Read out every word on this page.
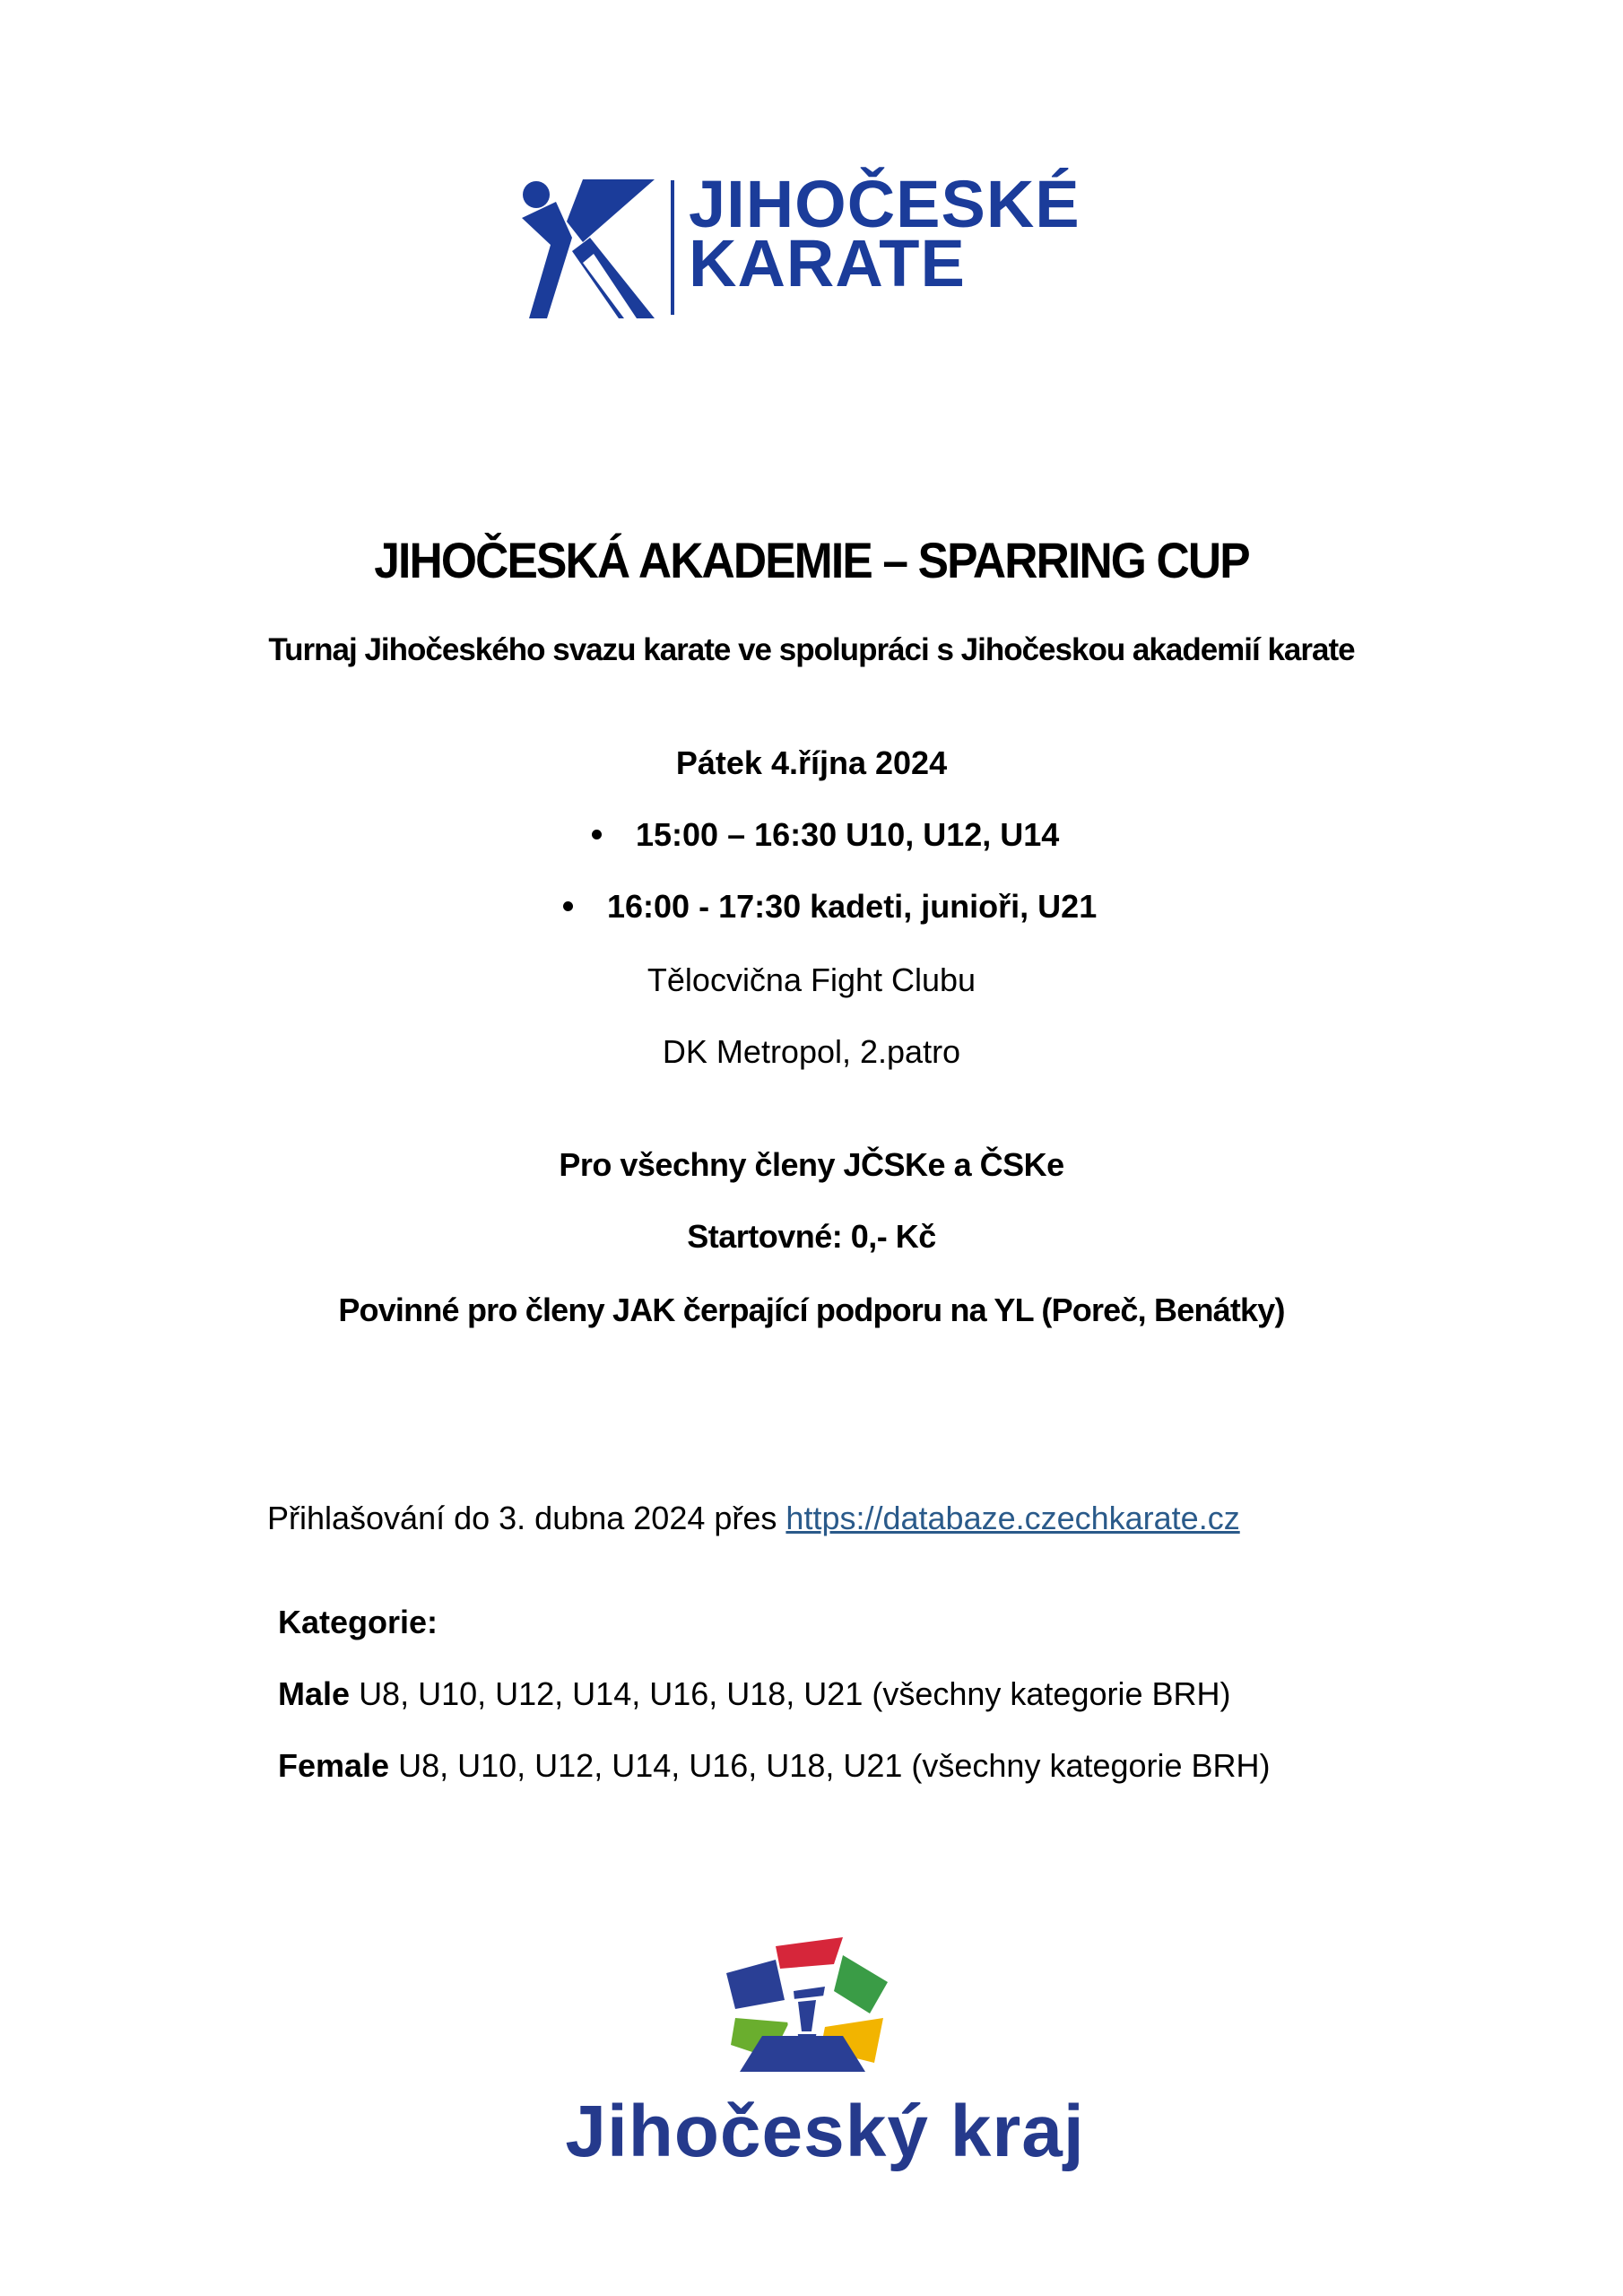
JIHOČESKÉ
KARATE
JIHOČESKÁ AKADEMIE – SPARRING CUP
Turnaj Jihočeského svazu karate ve spolupráci s Jihočeskou akademií karate
Pátek 4.října 2024
15:00 – 16:30 U10, U12, U14
16:00 - 17:30 kadeti, junioři, U21
Tělocvična Fight Clubu
DK Metropol, 2.patro
Pro všechny členy JČSKe a ČSKe
Startovné: 0,- Kč
Povinné pro členy JAK čerpající podporu na YL (Poreč, Benátky)
Přihlašování do 3. dubna 2024 přes https://databaze.czechkarate.cz
Kategorie:
Male U8, U10, U12, U14, U16, U18, U21 (všechny kategorie BRH)
Female U8, U10, U12, U14, U16, U18, U21 (všechny kategorie BRH)
Jihočeský kraj
